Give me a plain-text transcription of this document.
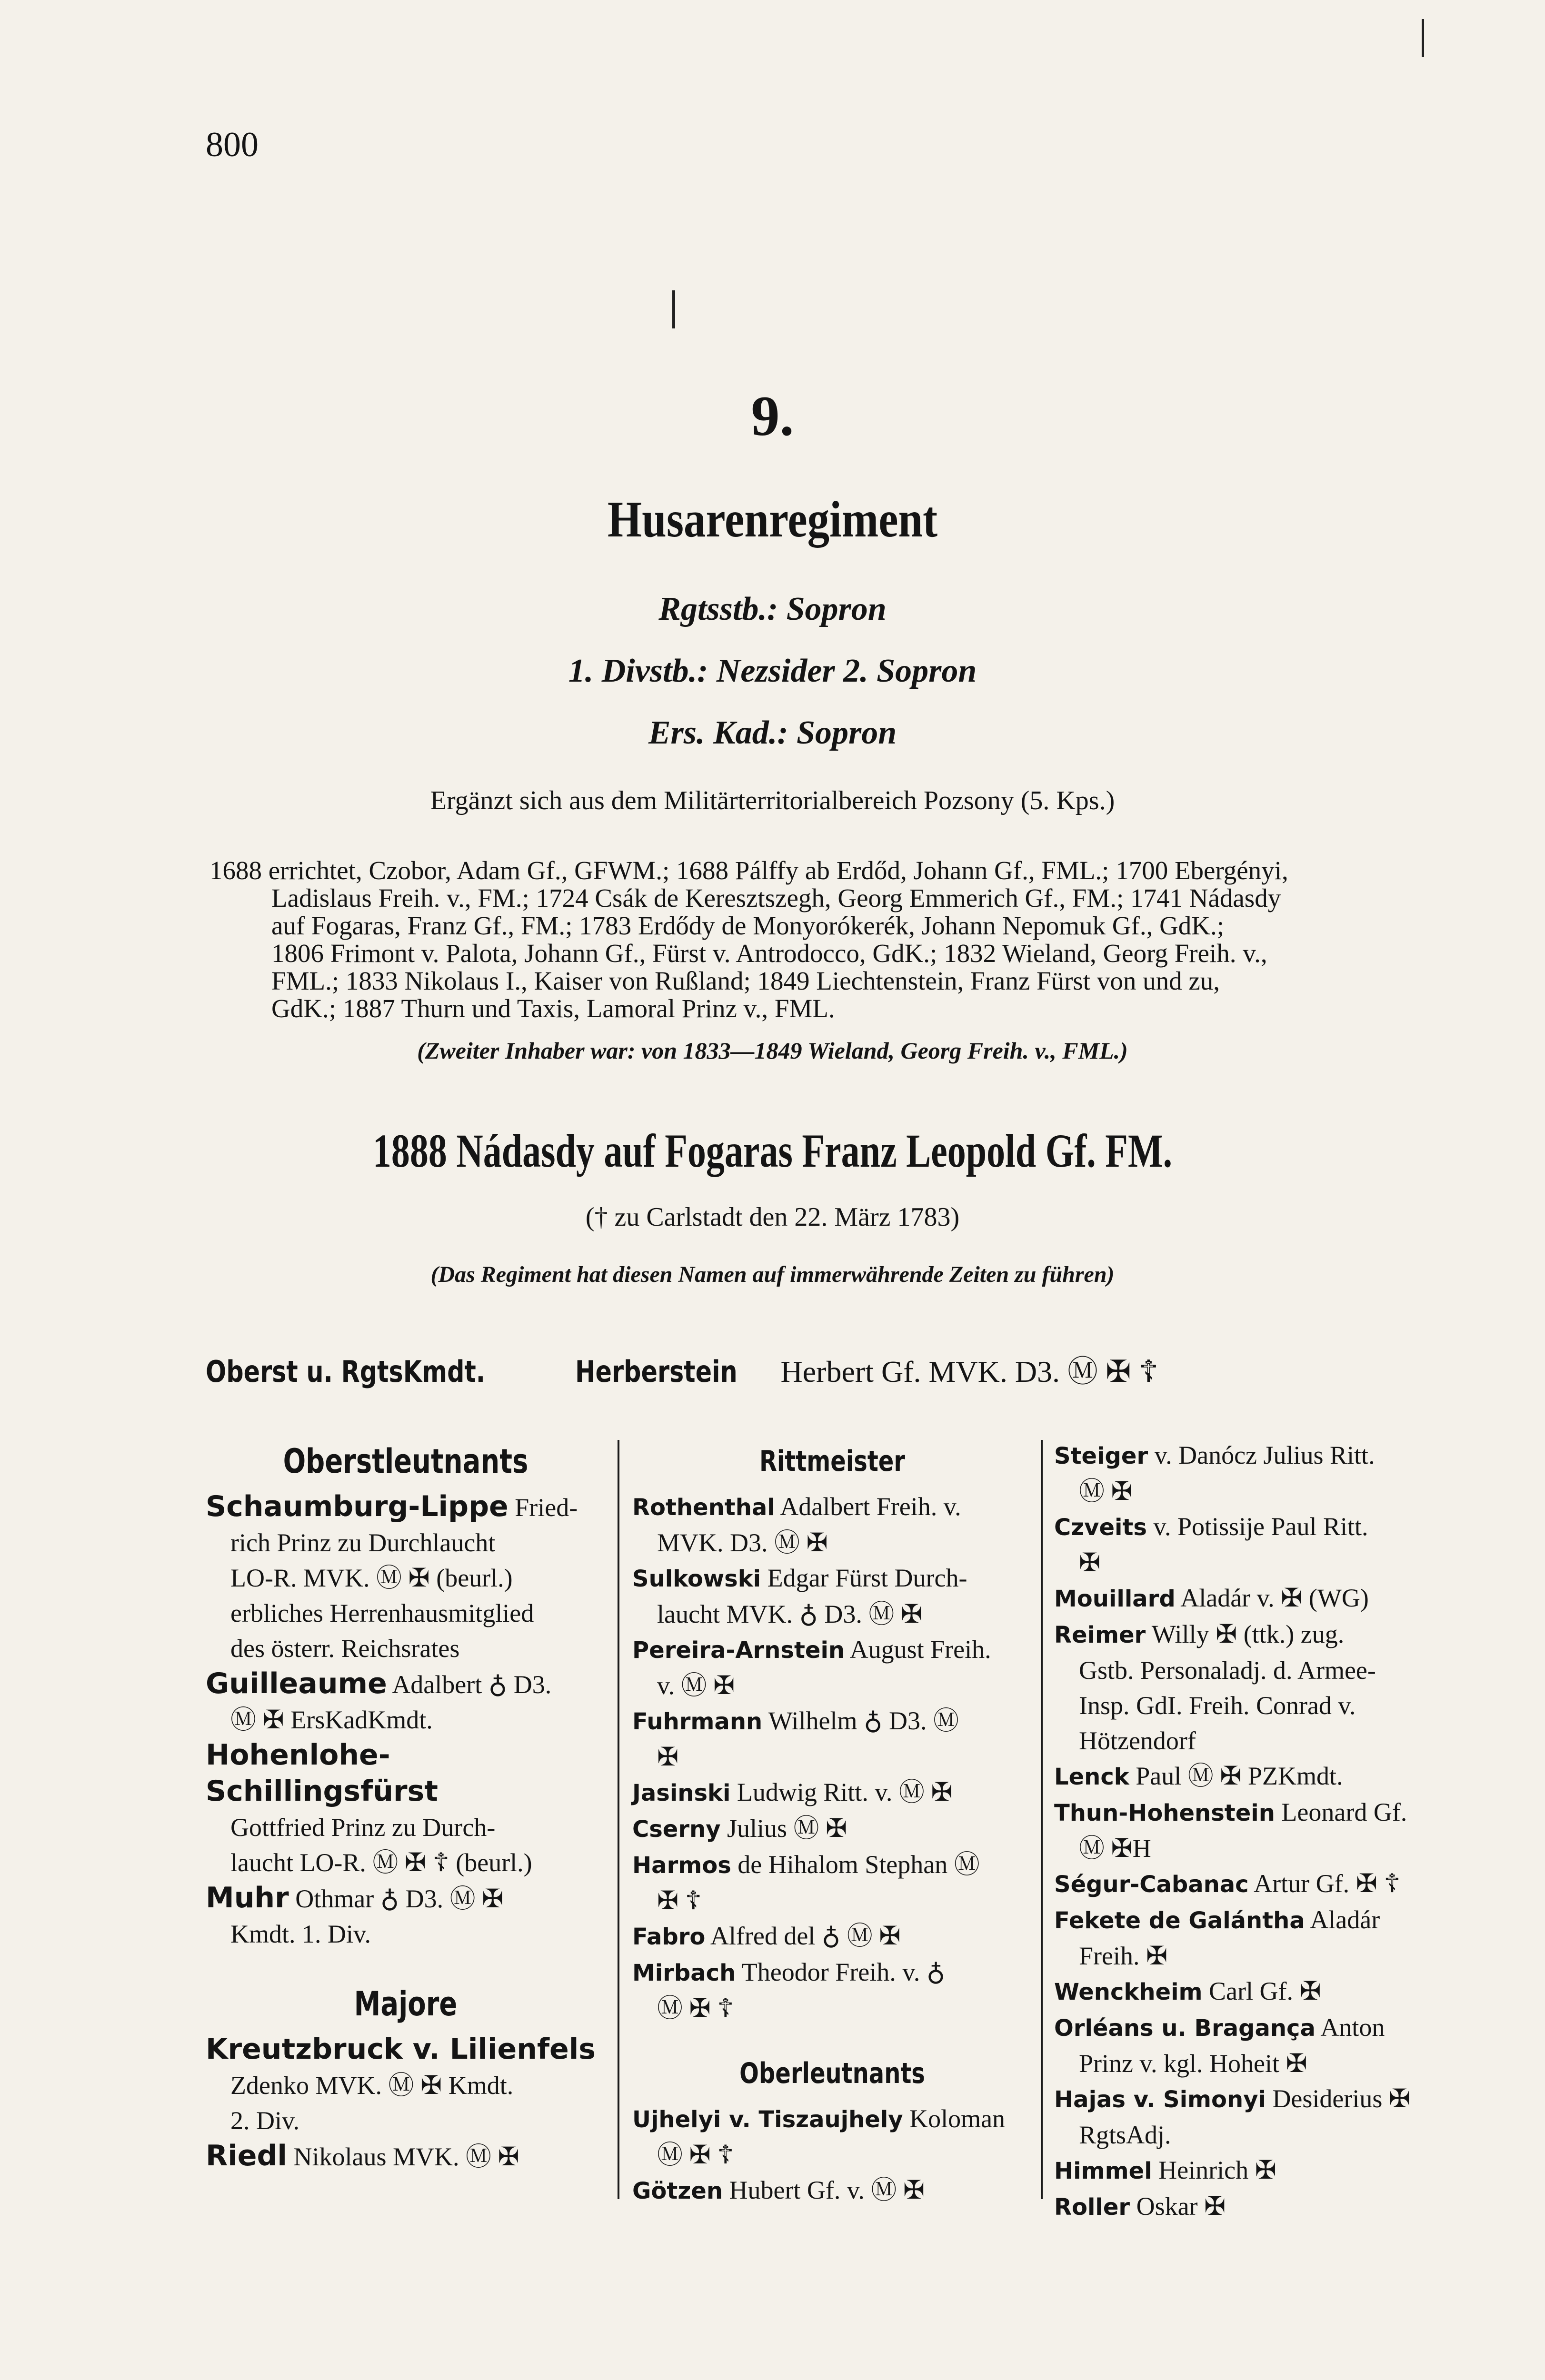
800
9.
Husarenregiment
Rgtsstb.: Sopron
1. Divstb.: Nezsider 2. Sopron
Ers. Kad.: Sopron
Ergänzt sich aus dem Militärterritorialbereich Pozsony (5. Kps.)
1688 errichtet, Czobor, Adam Gf., GFWM.; 1688 Pálffy ab Erdőd, Johann Gf., FML.; 1700 Ebergényi,
Ladislaus Freih. v., FM.; 1724 Csák de Keresztszegh, Georg Emmerich Gf., FM.; 1741 Nádasdy
auf Fogaras, Franz Gf., FM.; 1783 Erdődy de Monyorókerék, Johann Nepomuk Gf., GdK.;
1806 Frimont v. Palota, Johann Gf., Fürst v. Antrodocco, GdK.; 1832 Wieland, Georg Freih. v.,
FML.; 1833 Nikolaus I., Kaiser von Rußland; 1849 Liechtenstein, Franz Fürst von und zu,
GdK.; 1887 Thurn und Taxis, Lamoral Prinz v., FML.
(Zweiter Inhaber war: von 1833—1849 Wieland, Georg Freih. v., FML.)
1888 Nádasdy auf Fogaras Franz Leopold Gf. FM.
(† zu Carlstadt den 22. März 1783)
(Das Regiment hat diesen Namen auf immerwährende Zeiten zu führen)
Oberst u. RgtsKmdt.	Herberstein Herbert Gf. MVK. D3. Ⓜ ✠ ☦
Oberstleutnants
Schaumburg-Lippe Fried-
rich Prinz zu Durchlaucht
LO-R. MVK. Ⓜ ✠ (beurl.)
erbliches Herrenhausmitglied
des österr. Reichsrates
Guilleaume Adalbert ♁ D3.
Ⓜ ✠ ErsKadKmdt.
Hohenlohe-Schillingsfürst
Gottfried Prinz zu Durch-
laucht LO-R. Ⓜ ✠ ☦ (beurl.)
Muhr Othmar ♁ D3. Ⓜ ✠
Kmdt. 1. Div.
Majore
Kreutzbruck v. Lilienfels
Zdenko MVK. Ⓜ ✠ Kmdt.
2. Div.
Riedl Nikolaus MVK. Ⓜ ✠
Rittmeister
Rothenthal Adalbert Freih. v.
MVK. D3. Ⓜ ✠
Sulkowski Edgar Fürst Durch-
laucht MVK. ♁ D3. Ⓜ ✠
Pereira-Arnstein August Freih.
v. Ⓜ ✠
Fuhrmann Wilhelm ♁ D3. Ⓜ
✠
Jasinski Ludwig Ritt. v. Ⓜ ✠
Cserny Julius Ⓜ ✠
Harmos de Hihalom Stephan Ⓜ
✠ ☦
Fabro Alfred del ♁ Ⓜ ✠
Mirbach Theodor Freih. v. ♁
Ⓜ ✠ ☦
Oberleutnants
Ujhelyi v. Tiszaujhely Koloman
Ⓜ ✠ ☦
Götzen Hubert Gf. v. Ⓜ ✠
Steiger v. Danócz Julius Ritt.
Ⓜ ✠
Czveits v. Potissije Paul Ritt.
✠
Mouillard Aladár v. ✠ (WG)
Reimer Willy ✠ (ttk.) zug.
Gstb. Personaladj. d. Armee-
Insp. GdI. Freih. Conrad v.
Hötzendorf
Lenck Paul Ⓜ ✠ PZKmdt.
Thun-Hohenstein Leonard Gf.
Ⓜ ✠H
Ségur-Cabanac Artur Gf. ✠ ☦
Fekete de Galántha Aladár
Freih. ✠
Wenckheim Carl Gf. ✠
Orléans u. Bragança Anton
Prinz v. kgl. Hoheit ✠
Hajas v. Simonyi Desiderius ✠
RgtsAdj.
Himmel Heinrich ✠
Roller Oskar ✠
